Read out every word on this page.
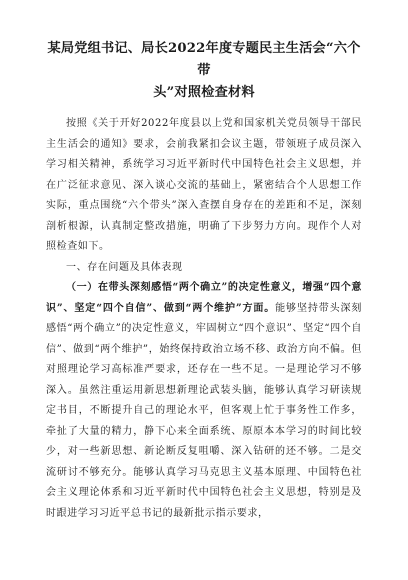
某局党组书记、局长2022年度专题民主生活会“六个带
头”对照检查材料

按照《关于开好2022年度县以上党和国家机关党员领导干部民主生活会的通知》要求，会前我紧扣会议主题，带领班子成员深入学习相关精神，系统学习习近平新时代中国特色社会主义思想，并在广泛征求意见、深入谈心交流的基础上，紧密结合个人思想工作实际，重点围绕“六个带头”深入查摆自身存在的差距和不足，深刻剖析根源，认真制定整改措施，明确了下步努力方向。现作个人对照检查如下。

一、存在问题及具体表现

（一）在带头深刻感悟“两个确立”的决定性意义，增强“四个意识”、坚定“四个自信”、做到“两个维护”方面。能够坚持带头深刻感悟“两个确立”的决定性意义，牢固树立“四个意识”、坚定“四个自信”、做到“两个维护”，始终保持政治立场不移、政治方向不偏。但对照理论学习高标准严要求，还存在一些不足。一是理论学习不够深入。虽然注重运用新思想新理论武装头脑，能够认真学习研读规定书目，不断提升自己的理论水平，但客观上忙于事务性工作多，牵扯了大量的精力，静下心来全面系统、原原本本学习的时间比较少，对一些新思想、新论断反复咀嚼、深入钻研的还不够。二是交流研讨不够充分。能够认真学习马克思主义基本原理、中国特色社会主义理论体系和习近平新时代中国特色社会主义思想，特别是及时跟进学习习近平总书记的最新批示指示要求，
